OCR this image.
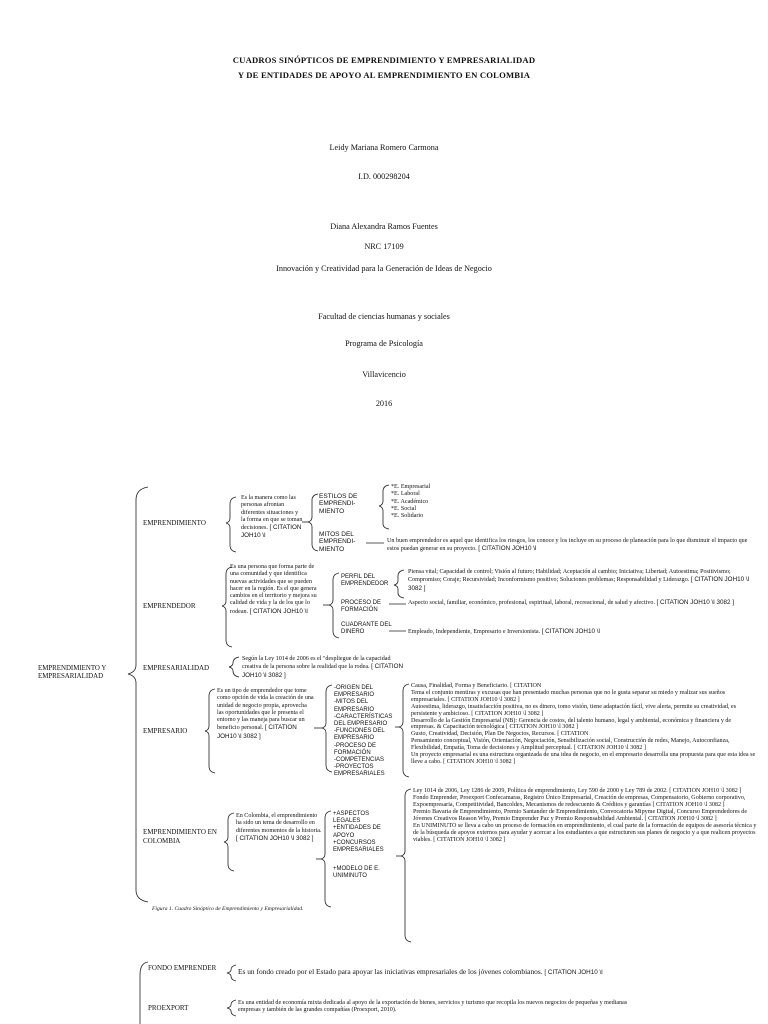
CUADROS SINÓPTICOS DE EMPRENDIMIENTO Y EMPRESARIALIDAD
Y DE ENTIDADES DE APOYO AL EMPRENDIMIENTO EN COLOMBIA
Leidy Mariana Romero Carmona
I.D. 000298204
Diana Alexandra Ramos Fuentes
NRC 17109
Innovación y Creatividad para la Generación de Ideas de Negocio
Facultad de ciencias humanas y sociales
Programa de Psicología
Villavicencio
2016
EMPRENDIMIENTO Y EMPRESARIALIDAD
EMPRENDIMIENTO
Es la manera como las personas afrontan diferentes situaciones y la forma en que se toman decisiones. [ CITATION JOH10 \l
ESTILOS DE EMPRENDI- MIENTO
MITOS DEL EMPRENDI- MIENTO
*E. Empresarial
*E. Laboral
*E. Académico
*E. Social
*E. Solidario
Un buen emprendedor es aquel que identifica los riesgos, los conoce y los incluye en su proceso de planeación para lo que disminuir el impacto que estos puedan generar en su proyecto. [ CITATION JOH10 \l
EMPRENDEDOR
Es una persona que forma parte de una comunidad y que identifica nuevas actividades que se pueden hacer en la región. Es el que genera cambios en el territorio y mejora su calidad de vida y la de los que lo rodean. [ CITATION JOH10 \l
PERFIL DEL EMPRENDEDOR
PROCESO DE FORMACIÓN
CUADRANTE DEL DINERO
Piensa vital; Capacidad de control; Visión al futuro; Habilidad; Aceptación al cambio; Iniciativa; Libertad; Autoestima; Positivismo; Compromiso; Coraje; Recursividad; Inconformismo positivo; Soluciones problemas; Responsabilidad y Liderazgo. [ CITATION JOH10 \l 3082 ]
Aspecto social, familiar, económico, profesional, espiritual, laboral, recreacional, de salud y afectivo. [ CITATION JOH10 \l 3082 ]
Empleado, Independiente, Empresario e Inversionista. [ CITATION JOH10 \l
EMPRESARIALIDAD
Según la Ley 1014 de 2006 es el "despliegue de la capacidad creativa de la persona sobre la realidad que la rodea. [ CITATION JOH10 \l 3082 ]
EMPRESARIO
Es un tipo de emprendedor que tome como opción de vida la creación de una unidad de negocio propia, aprovecha las oportunidades que le presenta el entorno y las maneja para buscar un beneficio personal. [ CITATION JOH10 \l 3082 ]
-ORIGEN DEL EMPRESARIO
-MITOS DEL EMPRESARIO
-CARACTERÍSTICAS DEL EMPRESARIO
-FUNCIONES DEL EMPRESARIO
-PROCESO DE FORMACIÓN
-COMPETENCIAS
-PROYECTOS EMPRESARIALES
Causa, Finalidad, Forma y Beneficiario. [ CITATION
Tema el conjunto mentiras y excusas que han presentado muchas personas que no le gusta separar su miedo y realizar sus sueños empresariales. [ CITATION JOH10 \l 3082 ]
Autoestima, liderazgo, insatisfacción positiva, no es dinero, tomo visión, tiene adaptación fácil, vive alerta, permite su creatividad, es persistente y ambicioso. [ CITATION JOH10 \l 3082 ]
Desarrollo de la Gestión Empresarial (NB): Gerencia de costos, del talento humano, legal y ambiental, económica y financiera y de empresas. & Capacitación tecnológica [ CITATION JOH10 \l 3082 ]
Gusto, Creatividad, Decisión, Plan De Negocios, Recursos. [ CITATION
Pensamiento conceptual, Visión, Orientación, Negociación, Sensibilización social, Construcción de redes, Manejo, Autoconfianza, Flexibilidad, Empatía, Toma de decisiones y Amplitud perceptual. [ CITATION JOH10 \l 3082 ]
Un proyecto empresarial es una estructura organizada de una idea de negocio, en el empresario desarrolla una propuesta para que esta idea se lleve a cabo. [ CITATION JOH10 \l 3082 ]
EMPRENDIMIENTO EN COLOMBIA
En Colombia, el emprendimiento ha sido un tema de desarrollo en diferentes momentos de la historia. [ CITATION JOH10 \l 3082 ]
+ASPECTOS LEGALES
+ENTIDADES DE APOYO
+CONCURSOS EMPRESARIALES
+MODELO DE E. UNIMINUTO
Ley 1014 de 2006, Ley 1286 de 2009, Política de emprendimiento, Ley 590 de 2000 y Ley 789 de 2002. [ CITATION JOH10 \l 3082 ]
Fondo Emprender, Proexport Confecamaras, Registro Único Empresarial, Creación de empresas, Compensatorio, Gobierno corporativo, Expoempresaria, Competitividad, Bancoldex, Mecanismos de redescuento & Créditos y garantías [ CITATION JOH10 \l 3082 ]
Premio Bavaria de Emprendimiento, Premio Santander de Emprendimiento, Convocatoria Mipyme Digital, Concurso Emprendedores de Jóvenes Creativos Reason Why, Premio Emprender Paz y Premio Responsabilidad Ambiental. [ CITATION JOH10 \l 3082 ]
En UNIMINUTO se lleva a cabo un proceso de formación en emprendimiento, el cual parte de la formación de equipos de asesoría técnica y de la búsqueda de apoyos externos para ayudar y acercar a los estudiantes a que estructuren sus planes de negocio y a que realicen proyectos viables. [ CITATION JOH10 \l 3082 ]
Figura 1. Cuadro Sinóptico de Emprendimiento y Empresarialidad.
FONDO EMPRENDER	Es un fondo creado por el Estado para apoyar las iniciativas empresariales de los jóvenes colombianos. [ CITATION JOH10 \l
PROEXPORT
Es una entidad de economía mixta dedicada al apoyo de la exportación de bienes, servicios y turismo que recopila los nuevos negocios de pequeñas y medianas empresas y también de las grandes compañías (Proexport, 2010).
